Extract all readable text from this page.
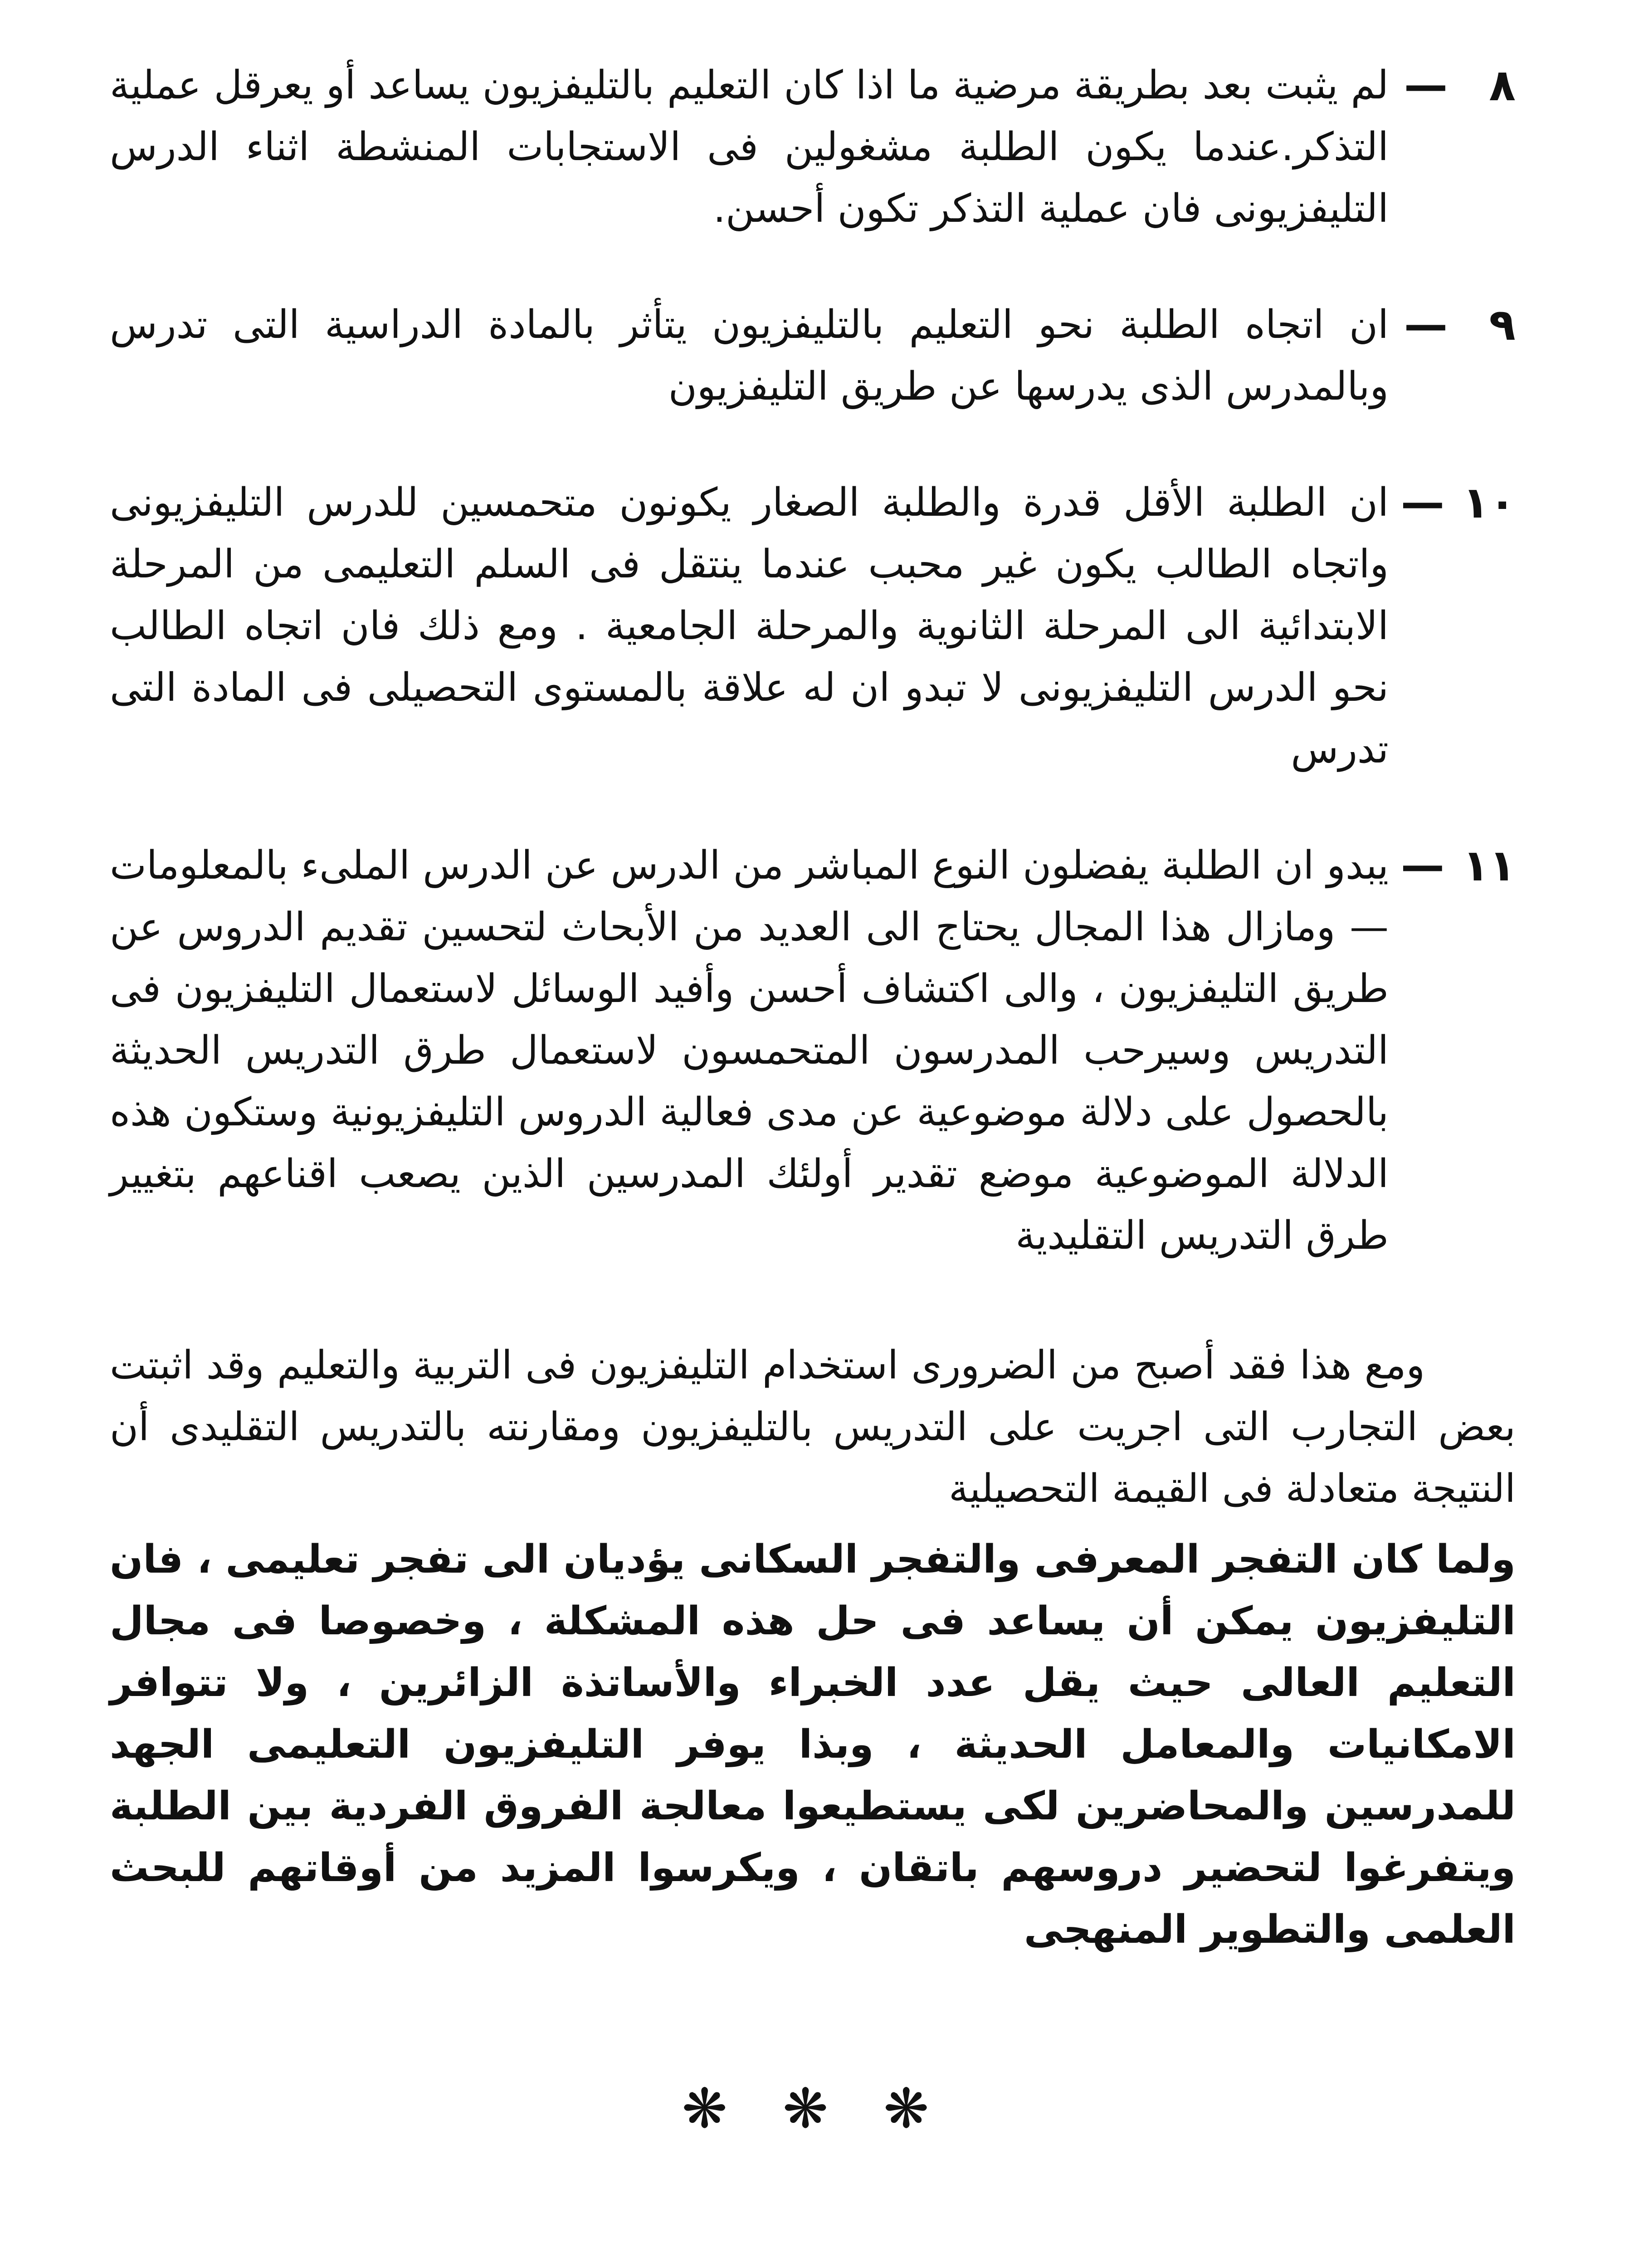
٨
—
لم يثبت بعد بطريقة مرضية ما اذا كان التعليم بالتليفزيون يساعد أو يعرقل عملية التذكر.عندما يكون الطلبة مشغولين فى الاستجابات المنشطة اثناء الدرس التليفزيونى فان عملية التذكر تكون أحسن.
٩
—
ان اتجاه الطلبة نحو التعليم بالتليفزيون يتأثر بالمادة الدراسية التى تدرس وبالمدرس الذى يدرسها عن طريق التليفزيون
١٠
—
ان الطلبة الأقل قدرة والطلبة الصغار يكونون متحمسين للدرس التليفزيونى واتجاه الطالب يكون غير محبب عندما ينتقل فى السلم التعليمى من المرحلة الابتدائية الى المرحلة الثانوية والمرحلة الجامعية . ومع ذلك فان اتجاه الطالب نحو الدرس التليفزيونى لا تبدو ان له علاقة بالمستوى التحصيلى فى المادة التى تدرس
١١
—
يبدو ان الطلبة يفضلون النوع المباشر من الدرس عن الدرس الملىء بالمعلومات — ومازال هذا المجال يحتاج الى العديد من الأبحاث لتحسين تقديم الدروس عن طريق التليفزيون ، والى اكتشاف أحسن وأفيد الوسائل لاستعمال التليفزيون فى التدريس وسيرحب المدرسون المتحمسون لاستعمال طرق التدريس الحديثة بالحصول على دلالة موضوعية عن مدى فعالية الدروس التليفزيونية وستكون هذه الدلالة الموضوعية موضع تقدير أولئك المدرسين الذين يصعب اقناعهم بتغيير طرق التدريس التقليدية

ومع هذا فقد أصبح من الضرورى استخدام التليفزيون فى التربية والتعليم وقد اثبتت بعض التجارب التى اجريت على التدريس بالتليفزيون ومقارنته بالتدريس التقليدى أن النتيجة متعادلة فى القيمة التحصيلية

ولما كان التفجر المعرفى والتفجر السكانى يؤديان الى تفجر تعليمى ، فان التليفزيون يمكن أن يساعد فى حل هذه المشكلة ، وخصوصا فى مجال التعليم العالى حيث يقل عدد الخبراء والأساتذة الزائرين ، ولا تتوافر الامكانيات والمعامل الحديثة ، وبذا يوفر التليفزيون التعليمى الجهد للمدرسين والمحاضرين لكى يستطيعوا معالجة الفروق الفردية بين الطلبة ويتفرغوا لتحضير دروسهم باتقان ، ويكرسوا المزيد من أوقاتهم للبحث العلمى والتطوير المنهجى

❋ ❋ ❋
